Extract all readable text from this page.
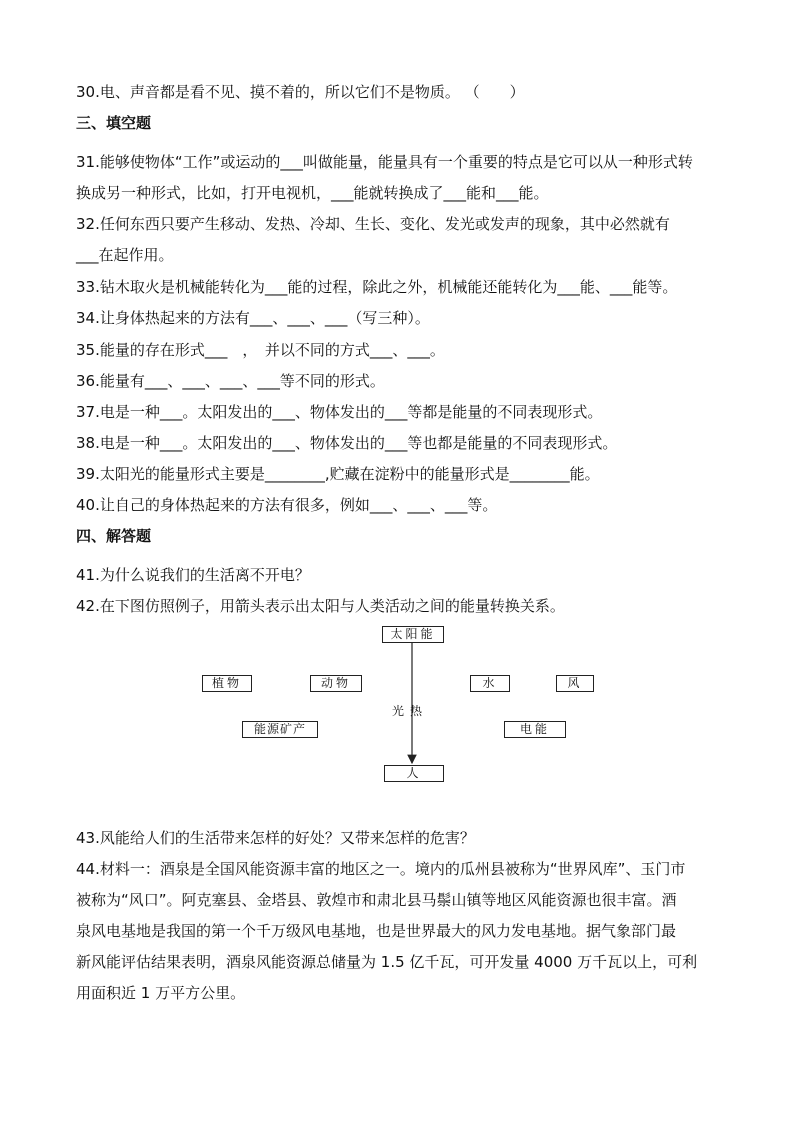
30.电、声音都是看不见、摸不着的，所以它们不是物质。 （　　）
三、填空题
31.能够使物体“工作”或运动的___叫做能量，能量具有一个重要的特点是它可以从一种形式转
换成另一种形式，比如，打开电视机，___能就转换成了___能和___能。
32.任何东西只要产生移动、发热、冷却、生长、变化、发光或发声的现象，其中必然就有
___在起作用。
33.钻木取火是机械能转化为___能的过程，除此之外，机械能还能转化为___能、___能等。
34.让身体热起来的方法有___、___、___（写三种）。
35.能量的存在形式___　，　并以不同的方式___、___。
36.能量有___、___、___、___等不同的形式。
37.电是一种___。太阳发出的___、物体发出的___等都是能量的不同表现形式。
38.电是一种___。太阳发出的___、物体发出的___等也都是能量的不同表现形式。
39.太阳光的能量形式主要是________,贮藏在淀粉中的能量形式是________能。
40.让自己的身体热起来的方法有很多，例如___、___、___等。
四、解答题
41.为什么说我们的生活离不开电？
42.在下图仿照例子，用箭头表示出太阳与人类活动之间的能量转换关系。
太阳能
植物	动物	水	风
能源矿产	电能
人
光热
43.风能给人们的生活带来怎样的好处？又带来怎样的危害？
44.材料一：酒泉是全国风能资源丰富的地区之一。境内的瓜州县被称为“世界风库”、玉门市
被称为“风口”。阿克塞县、金塔县、敦煌市和肃北县马鬃山镇等地区风能资源也很丰富。酒
泉风电基地是我国的第一个千万级风电基地，也是世界最大的风力发电基地。据气象部门最
新风能评估结果表明，酒泉风能资源总储量为 1.5 亿千瓦，可开发量 4000 万千瓦以上，可利
用面积近 1 万平方公里。
